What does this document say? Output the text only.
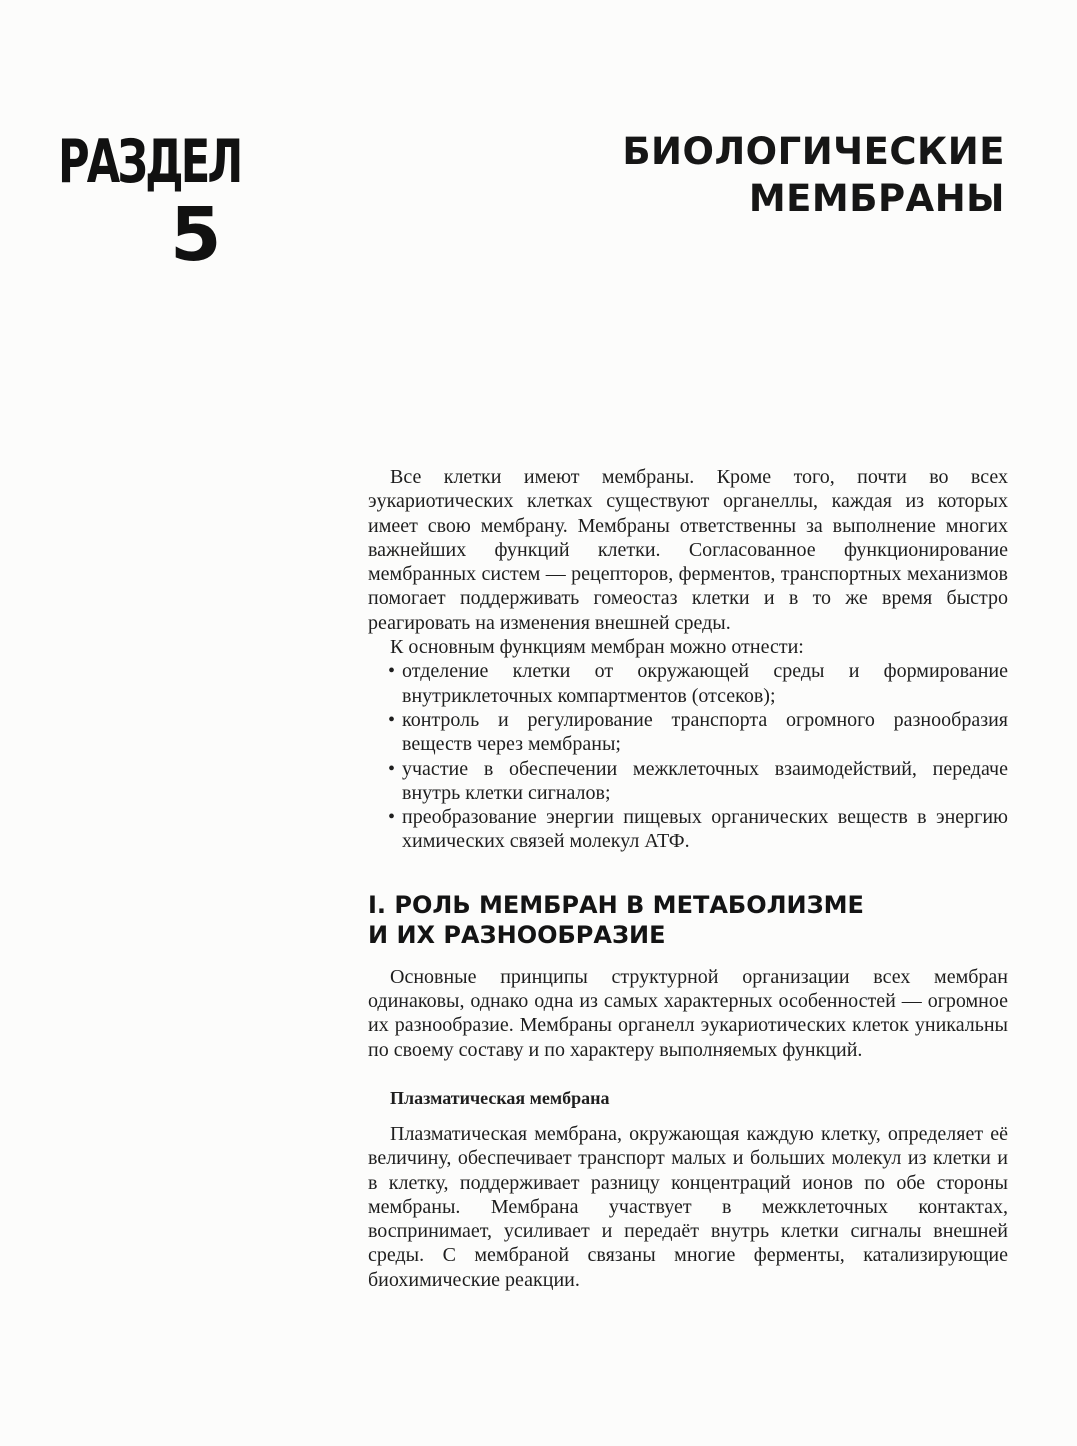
РАЗДЕЛ
5
БИОЛОГИЧЕСКИЕ
МЕМБРАНЫ

Все клетки имеют мембраны. Кроме того, почти во всех эукариотических клетках существуют органеллы, каждая из которых имеет свою мембрану. Мембраны ответственны за выполнение многих важнейших функций клетки. Согласованное функционирование мембранных систем — рецепторов, ферментов, транспортных механизмов помогает поддерживать гомеостаз клетки и в то же время быстро реагировать на изменения внешней среды.

К основным функциям мембран можно отнести:

• отделение клетки от окружающей среды и формирование внутриклеточных компартментов (отсеков);
• контроль и регулирование транспорта огромного разнообразия веществ через мембраны;
• участие в обеспечении межклеточных взаимодействий, передаче внутрь клетки сигналов;
• преобразование энергии пищевых органических веществ в энергию химических связей молекул АТФ.
I. РОЛЬ МЕМБРАН В МЕТАБОЛИЗМЕ
И ИХ РАЗНООБРАЗИЕ

Основные принципы структурной организации всех мембран одинаковы, однако одна из самых характерных особенностей — огромное их разнообразие. Мембраны органелл эукариотических клеток уникальны по своему составу и по характеру выполняемых функций.

Плазматическая мембрана

Плазматическая мембрана, окружающая каждую клетку, определяет её величину, обеспечивает транспорт малых и больших молекул из клетки и в клетку, поддерживает разницу концентраций ионов по обе стороны мембраны. Мембрана участвует в межклеточных контактах, воспринимает, усиливает и передаёт внутрь клетки сигналы внешней среды. С мембраной связаны многие ферменты, катализирующие биохимические реакции.
